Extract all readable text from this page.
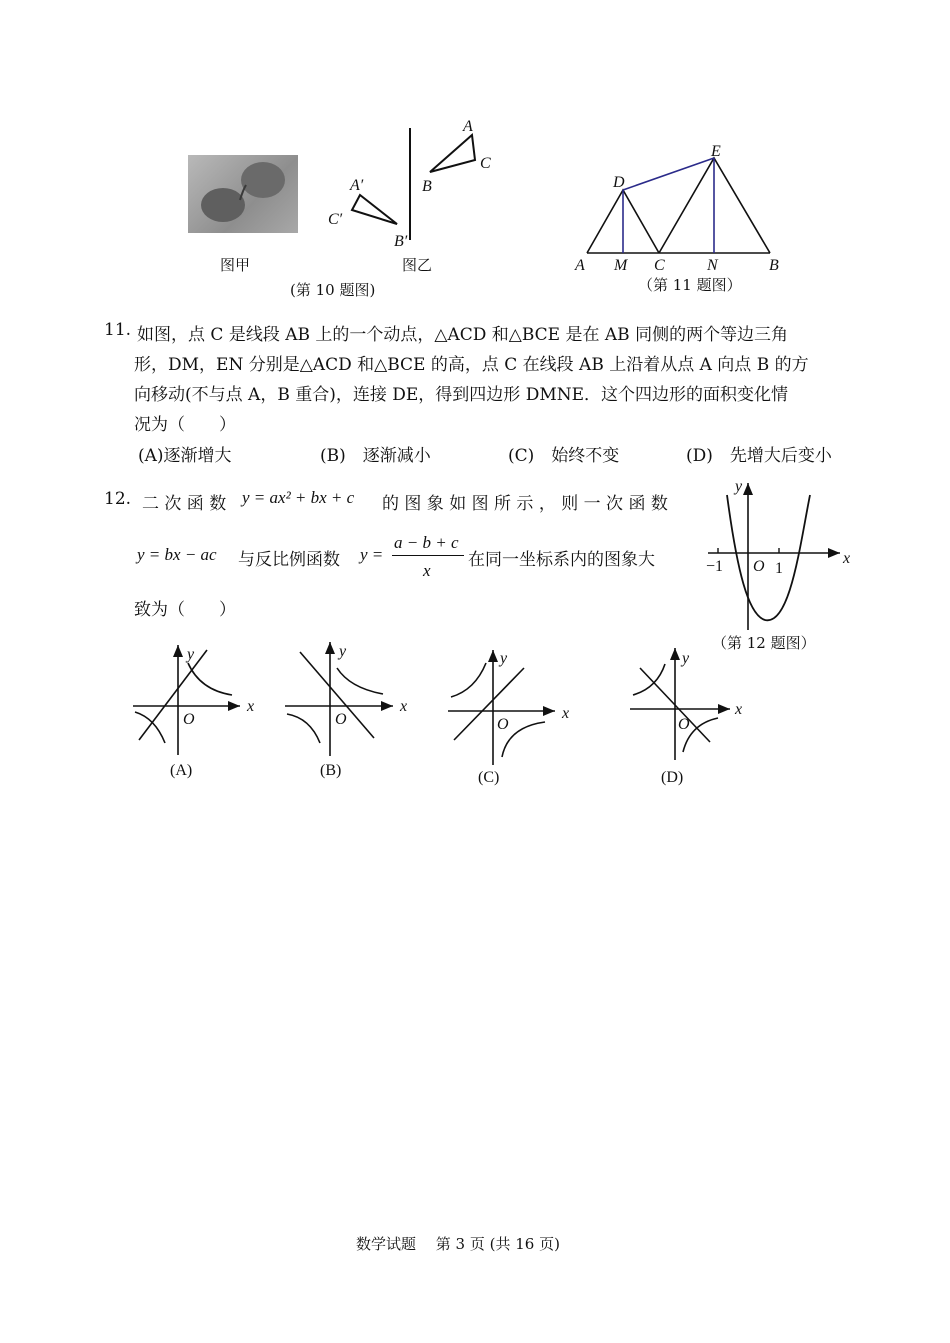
图甲	图乙
(第 10 题图)
A
C
B
A′
C′
B′
A M C	N	B
D
E
（第 11 题图）
11. 如图，点 C 是线段 AB 上的一个动点，△ACD 和△BCE 是在 AB 同侧的两个等边三角
形，DM，EN 分别是△ACD 和△BCE 的高，点 C 在线段 AB 上沿着从点 A 向点 B 的方
向移动(不与点 A，B 重合)，连接 DE，得到四边形 DMNE．这个四边形的面积变化情
况为（　　）
(A)逐渐增大	(B)　 逐渐减小	(C)　 始终不变	(D)　 先增大后变小
12. 二 次 函 数 y = ax² + bx + c 的 图 象 如 图 所 示 ， 则 一 次 函 数
y = bx − ac 与反比例函数 y =
a − b + c
x
在同一坐标系内的图象大
致为（　　）
y
x
−1 O 1
（第 12 题图）
y
x
O
(A)
y
x
O
(B)
y
x
O
(C)
y
x
O
(D)
数学试题　 第 3 页 (共 16 页)
